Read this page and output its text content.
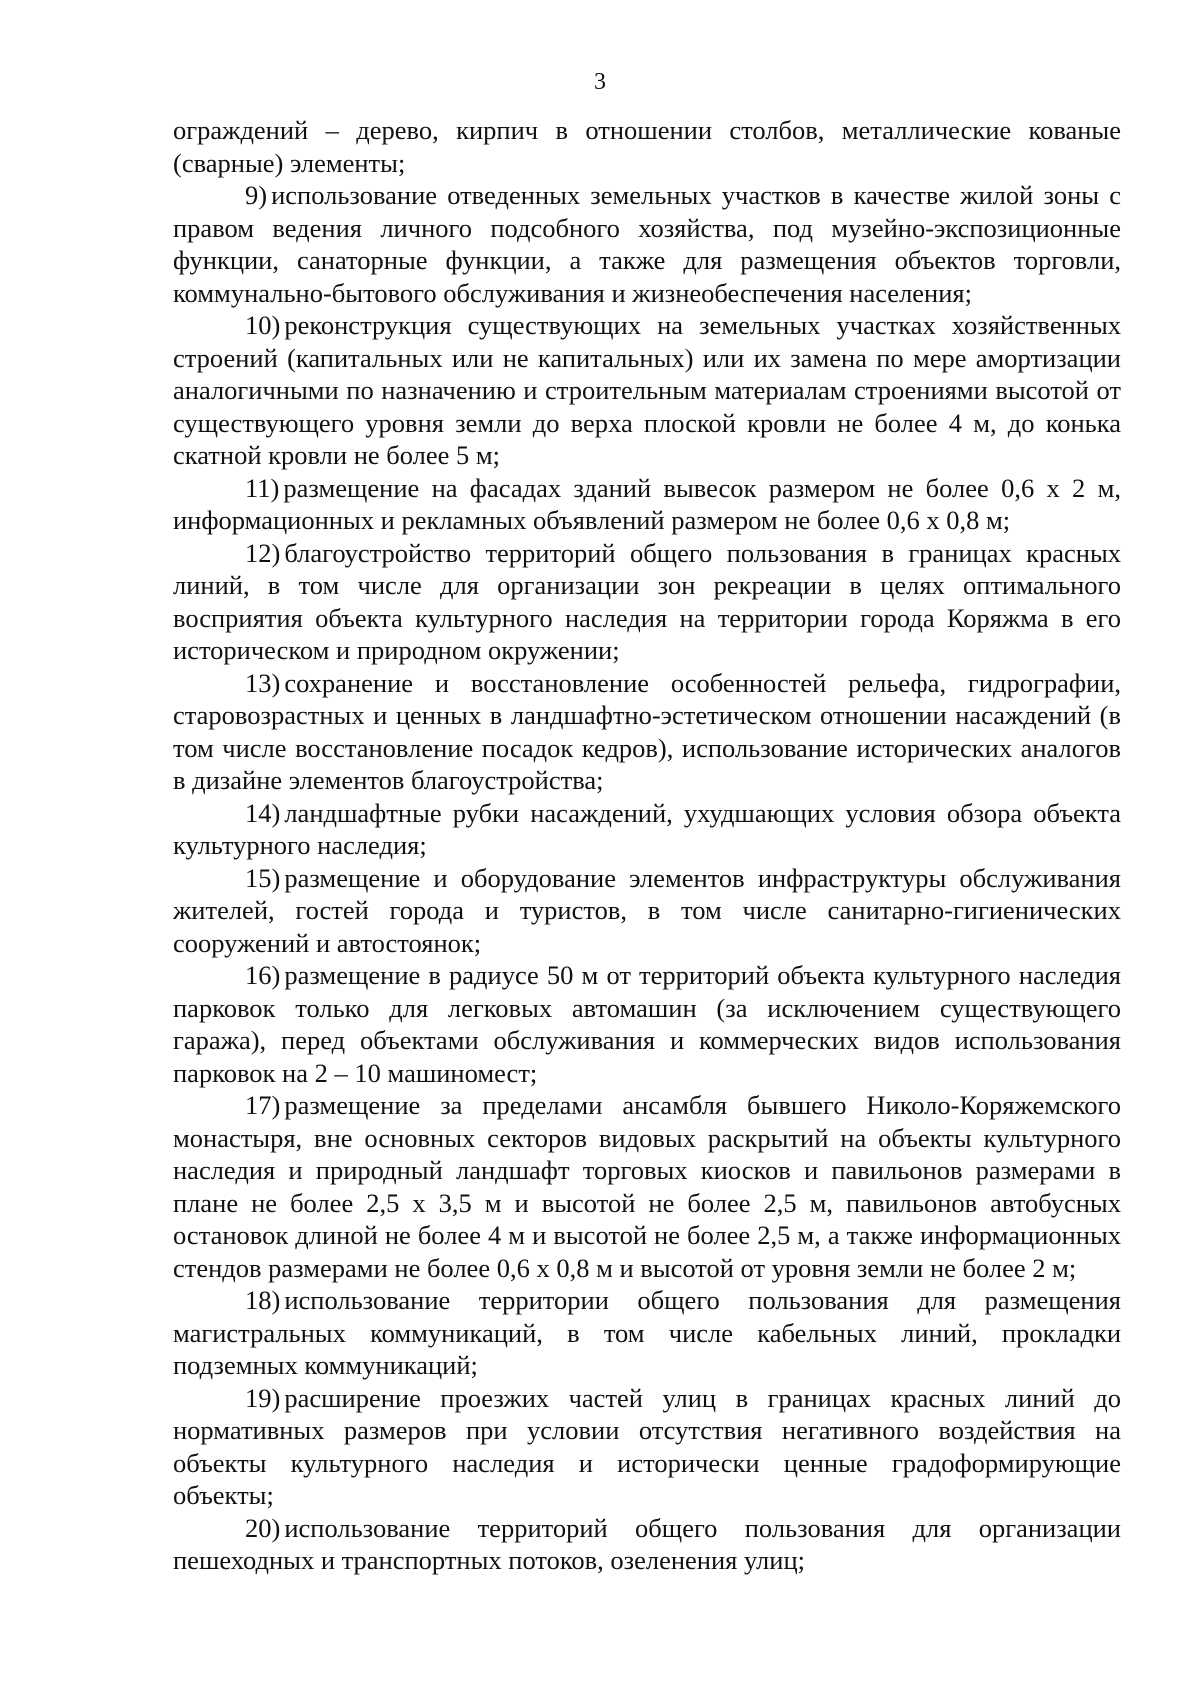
3

ограждений – дерево, кирпич в отношении столбов, металлические кованые (сварные) элементы;

9) использование отведенных земельных участков в качестве жилой зоны с правом ведения личного подсобного хозяйства, под музейно-экспозиционные функции, санаторные функции, а также для размещения объектов торговли, коммунально-бытового обслуживания и жизнеобеспечения населения;

10) реконструкция существующих на земельных участках хозяйственных строений (капитальных или не капитальных) или их замена по мере амортизации аналогичными по назначению и строительным материалам строениями высотой от существующего уровня земли до верха плоской кровли не более 4 м, до конька скатной кровли не более 5 м;

11) размещение на фасадах зданий вывесок размером не более 0,6 х 2 м, информационных и рекламных объявлений размером не более 0,6 х 0,8 м;

12) благоустройство территорий общего пользования в границах красных линий, в том числе для организации зон рекреации в целях оптимального восприятия объекта культурного наследия на территории города Коряжма в его историческом и природном окружении;

13) сохранение и восстановление особенностей рельефа, гидрографии, старовозрастных и ценных в ландшафтно-эстетическом отношении насаждений (в том числе восстановление посадок кедров), использование исторических аналогов в дизайне элементов благоустройства;

14) ландшафтные рубки насаждений, ухудшающих условия обзора объекта культурного наследия;

15) размещение и оборудование элементов инфраструктуры обслуживания жителей, гостей города и туристов, в том числе санитарно-гигиенических сооружений и автостоянок;

16) размещение в радиусе 50 м от территорий объекта культурного наследия парковок только для легковых автомашин (за исключением существующего гаража), перед объектами обслуживания и коммерческих видов использования парковок на 2 – 10 машиномест;

17) размещение за пределами ансамбля бывшего Николо-Коряжемского монастыря, вне основных секторов видовых раскрытий на объекты культурного наследия и природный ландшафт торговых киосков и павильонов размерами в плане не более 2,5 х 3,5 м и высотой не более 2,5 м, павильонов автобусных остановок длиной не более 4 м и высотой не более 2,5 м, а также информационных стендов размерами не более 0,6 х 0,8 м и высотой от уровня земли не более 2 м;

18) использование территории общего пользования для размещения магистральных коммуникаций, в том числе кабельных линий, прокладки подземных коммуникаций;

19) расширение проезжих частей улиц в границах красных линий до нормативных размеров при условии отсутствия негативного воздействия на объекты культурного наследия и исторически ценные градоформирующие объекты;

20) использование территорий общего пользования для организации пешеходных и транспортных потоков, озеленения улиц;
